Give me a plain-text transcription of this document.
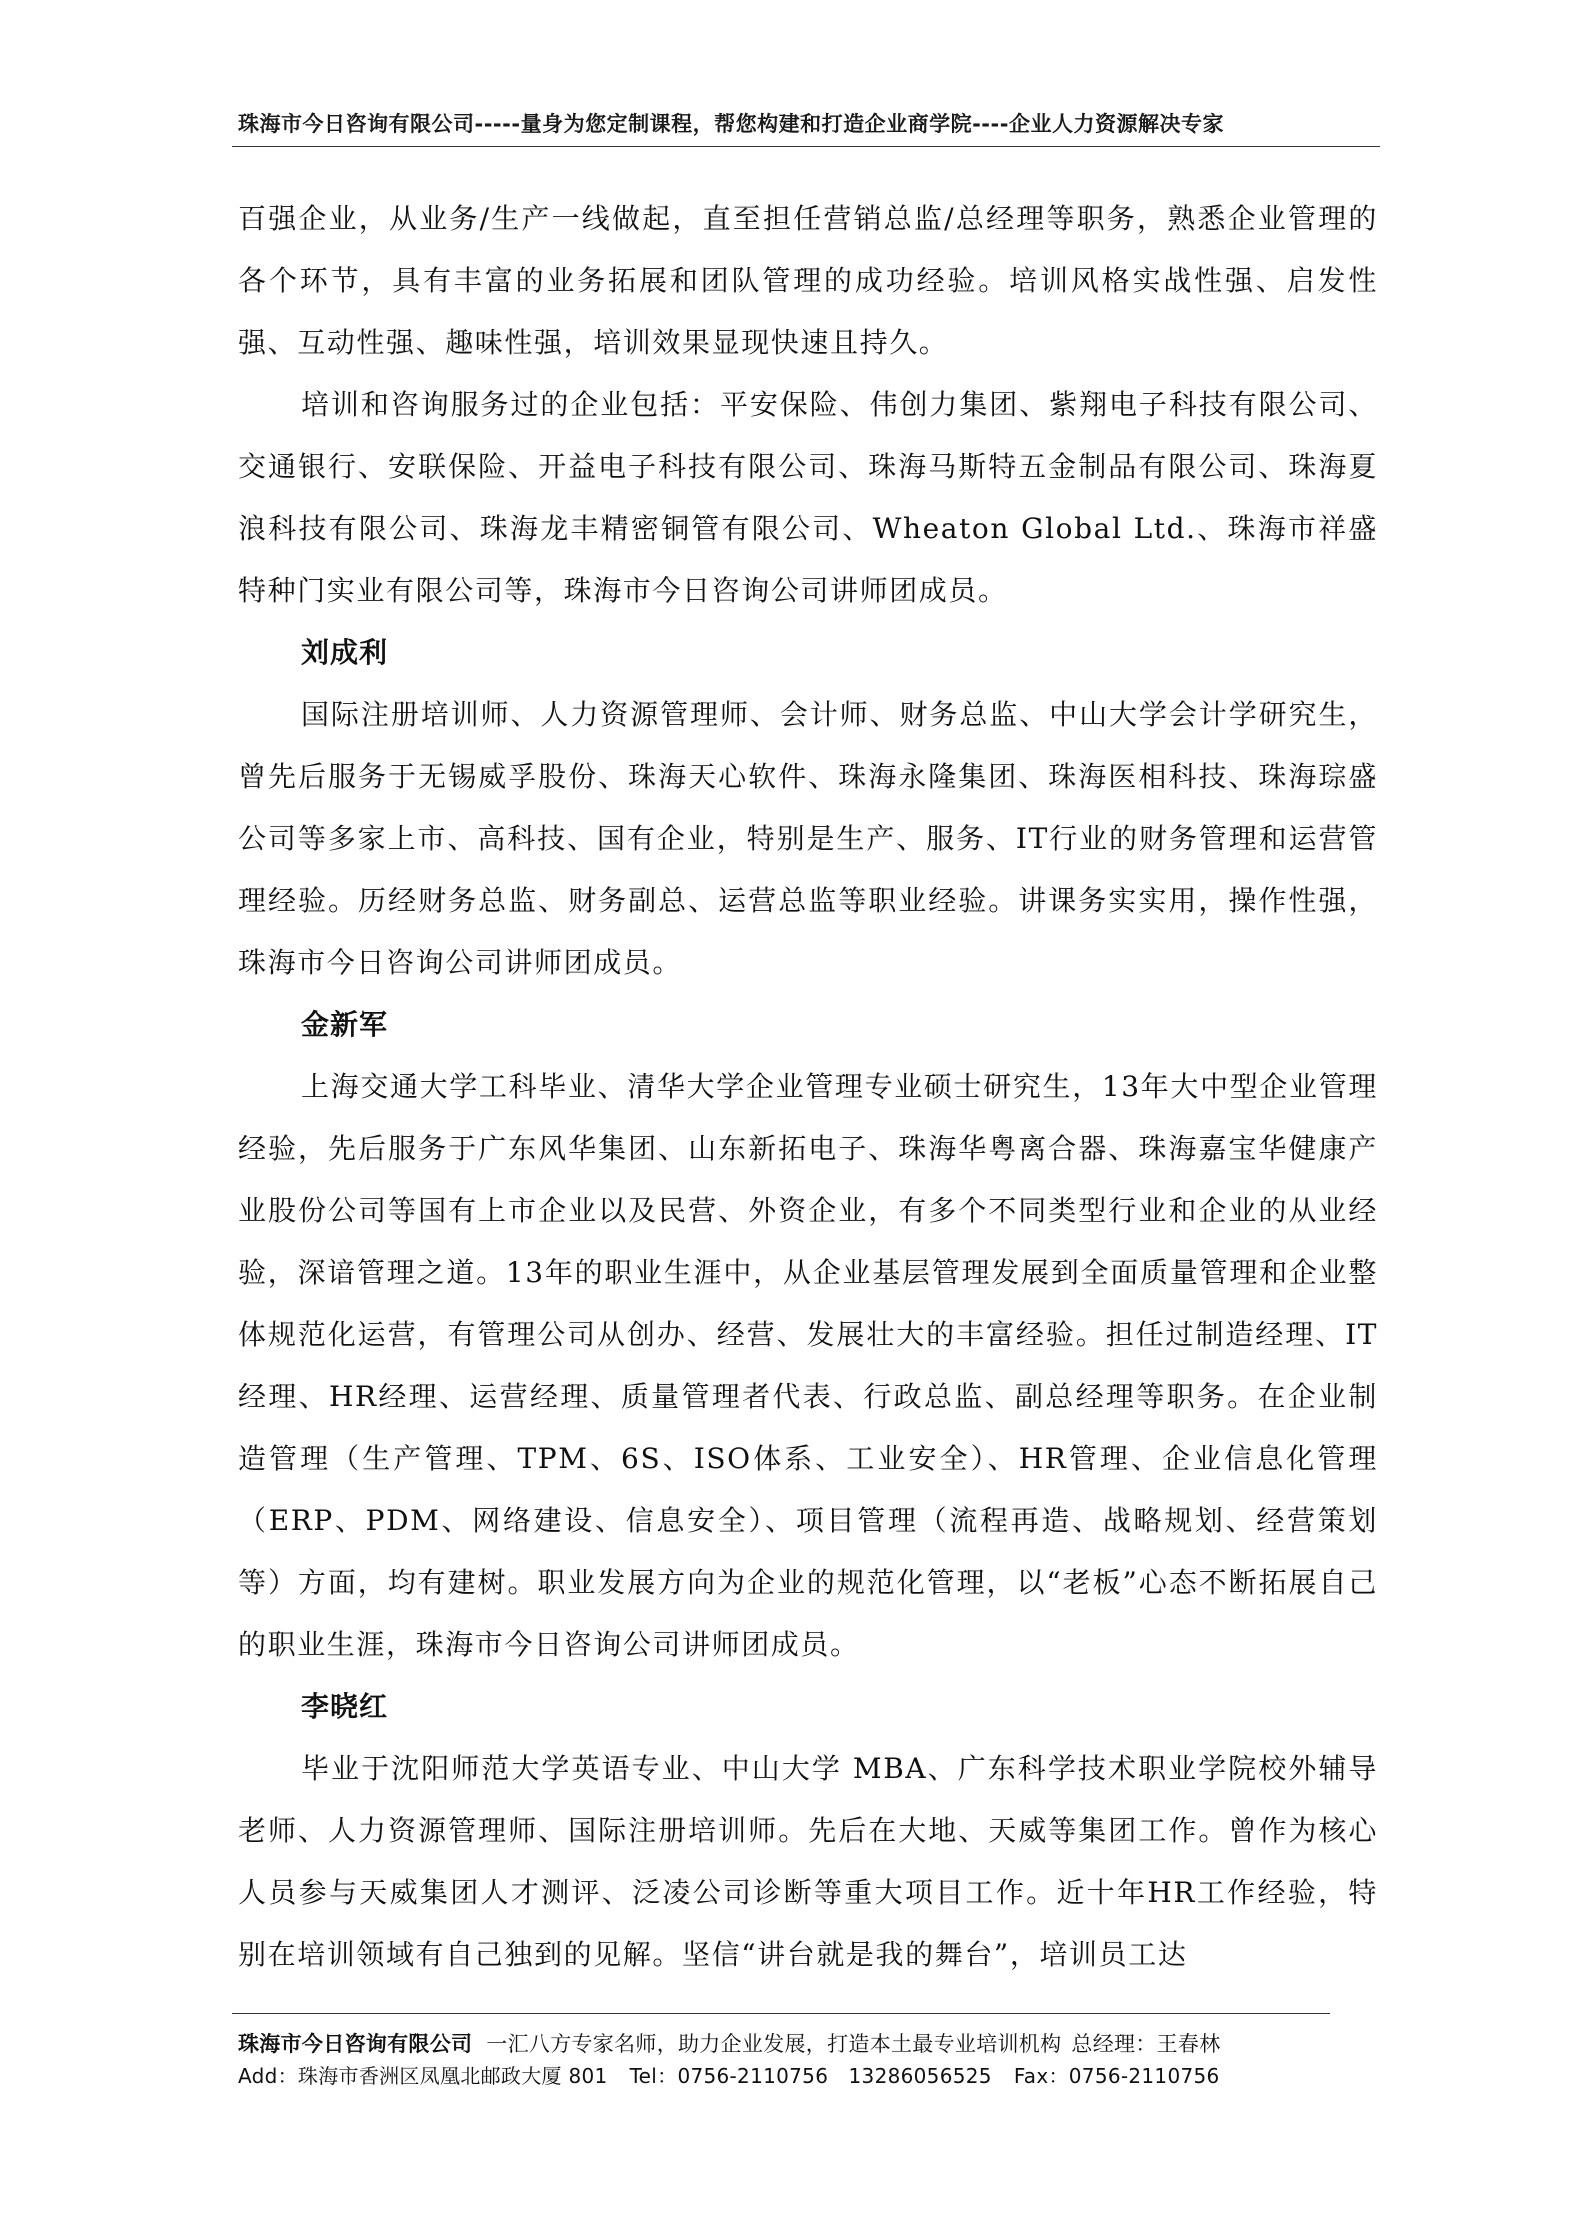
珠海市今日咨询有限公司-----量身为您定制课程，帮您构建和打造企业商学院----企业人力资源解决专家

百强企业，从业务/生产一线做起，直至担任营销总监/总经理等职务，熟悉企业管理的各个环节，具有丰富的业务拓展和团队管理的成功经验。培训风格实战性强、启发性强、互动性强、趣味性强，培训效果显现快速且持久。

培训和咨询服务过的企业包括：平安保险、伟创力集团、紫翔电子科技有限公司、交通银行、安联保险、开益电子科技有限公司、珠海马斯特五金制品有限公司、珠海夏浪科技有限公司、珠海龙丰精密铜管有限公司、Wheaton Global Ltd.、珠海市祥盛特种门实业有限公司等，珠海市今日咨询公司讲师团成员。

刘成利

国际注册培训师、人力资源管理师、会计师、财务总监、中山大学会计学研究生，曾先后服务于无锡威孚股份、珠海天心软件、珠海永隆集团、珠海医相科技、珠海琮盛公司等多家上市、高科技、国有企业，特别是生产、服务、IT行业的财务管理和运营管理经验。历经财务总监、财务副总、运营总监等职业经验。讲课务实实用，操作性强，珠海市今日咨询公司讲师团成员。

金新军

上海交通大学工科毕业、清华大学企业管理专业硕士研究生，13年大中型企业管理经验，先后服务于广东风华集团、山东新拓电子、珠海华粤离合器、珠海嘉宝华健康产业股份公司等国有上市企业以及民营、外资企业，有多个不同类型行业和企业的从业经验，深谙管理之道。13年的职业生涯中，从企业基层管理发展到全面质量管理和企业整体规范化运营，有管理公司从创办、经营、发展壮大的丰富经验。担任过制造经理、IT经理、HR经理、运营经理、质量管理者代表、行政总监、副总经理等职务。在企业制造管理（生产管理、TPM、6S、ISO体系、工业安全）、HR管理、企业信息化管理（ERP、PDM、网络建设、信息安全）、项目管理（流程再造、战略规划、经营策划等）方面，均有建树。职业发展方向为企业的规范化管理，以“老板”心态不断拓展自己的职业生涯，珠海市今日咨询公司讲师团成员。

李晓红

毕业于沈阳师范大学英语专业、中山大学 MBA、广东科学技术职业学院校外辅导老师、人力资源管理师、国际注册培训师。先后在大地、天威等集团工作。曾作为核心人员参与天威集团人才测评、泛凌公司诊断等重大项目工作。近十年HR工作经验，特别在培训领域有自己独到的见解。坚信“讲台就是我的舞台”，培训员工达

珠海市今日咨询有限公司 一汇八方专家名师，助力企业发展，打造本土最专业培训机构 总经理：王春林
Add：珠海市香洲区凤凰北邮政大厦 801 Tel：0756-2110756　13286056525 Fax：0756-2110756
